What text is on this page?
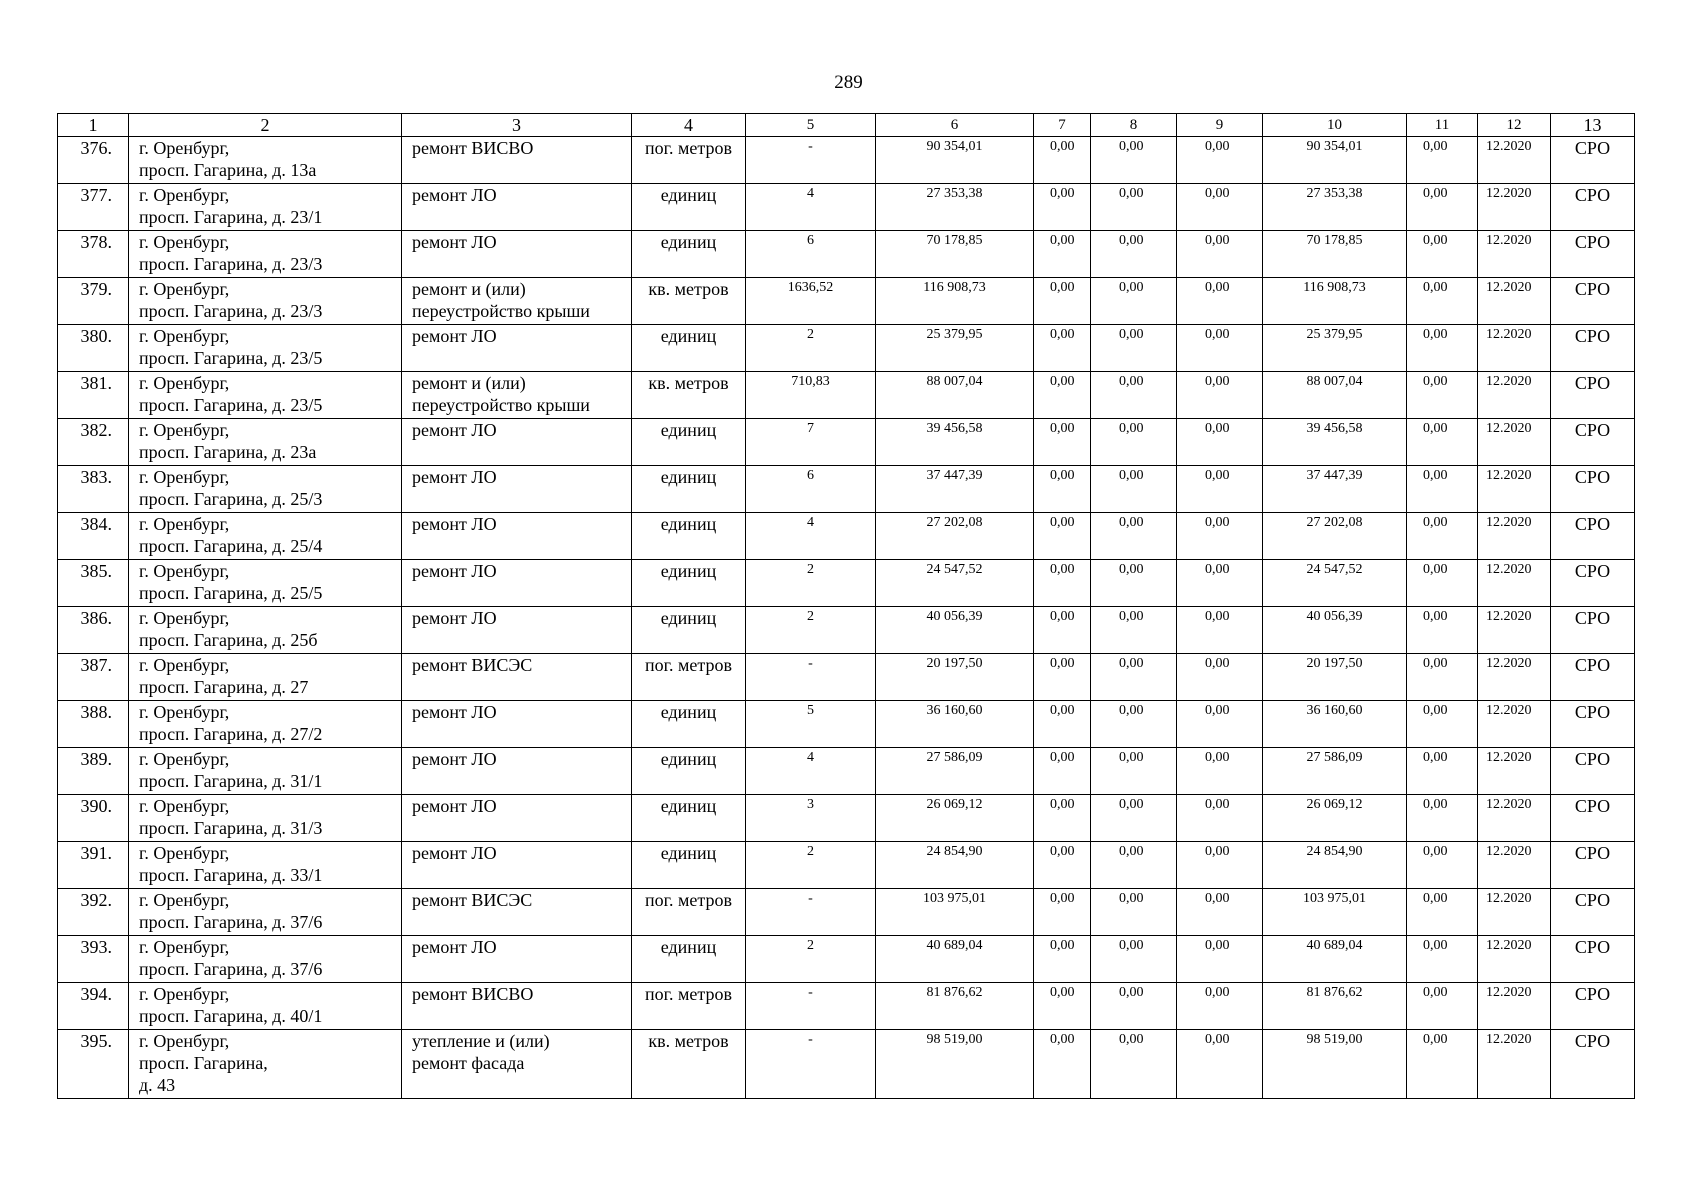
289
1	2	3	4	5	6	7	8	9	10	11	12	13
376.	г. Оренбург,
просп. Гагарина, д. 13а	ремонт ВИСВО	пог. метров	-	90 354,01	0,00	0,00	0,00	90 354,01	0,00	12.2020	СРО
377.	г. Оренбург,
просп. Гагарина, д. 23/1	ремонт ЛО	единиц	4	27 353,38	0,00	0,00	0,00	27 353,38	0,00	12.2020	СРО
378.	г. Оренбург,
просп. Гагарина, д. 23/3	ремонт ЛО	единиц	6	70 178,85	0,00	0,00	0,00	70 178,85	0,00	12.2020	СРО
379.	г. Оренбург,
просп. Гагарина, д. 23/3	ремонт и (или)
переустройство крыши	кв. метров	1636,52	116 908,73	0,00	0,00	0,00	116 908,73	0,00	12.2020	СРО
380.	г. Оренбург,
просп. Гагарина, д. 23/5	ремонт ЛО	единиц	2	25 379,95	0,00	0,00	0,00	25 379,95	0,00	12.2020	СРО
381.	г. Оренбург,
просп. Гагарина, д. 23/5	ремонт и (или)
переустройство крыши	кв. метров	710,83	88 007,04	0,00	0,00	0,00	88 007,04	0,00	12.2020	СРО
382.	г. Оренбург,
просп. Гагарина, д. 23а	ремонт ЛО	единиц	7	39 456,58	0,00	0,00	0,00	39 456,58	0,00	12.2020	СРО
383.	г. Оренбург,
просп. Гагарина, д. 25/3	ремонт ЛО	единиц	6	37 447,39	0,00	0,00	0,00	37 447,39	0,00	12.2020	СРО
384.	г. Оренбург,
просп. Гагарина, д. 25/4	ремонт ЛО	единиц	4	27 202,08	0,00	0,00	0,00	27 202,08	0,00	12.2020	СРО
385.	г. Оренбург,
просп. Гагарина, д. 25/5	ремонт ЛО	единиц	2	24 547,52	0,00	0,00	0,00	24 547,52	0,00	12.2020	СРО
386.	г. Оренбург,
просп. Гагарина, д. 25б	ремонт ЛО	единиц	2	40 056,39	0,00	0,00	0,00	40 056,39	0,00	12.2020	СРО
387.	г. Оренбург,
просп. Гагарина, д. 27	ремонт ВИСЭС	пог. метров	-	20 197,50	0,00	0,00	0,00	20 197,50	0,00	12.2020	СРО
388.	г. Оренбург,
просп. Гагарина, д. 27/2	ремонт ЛО	единиц	5	36 160,60	0,00	0,00	0,00	36 160,60	0,00	12.2020	СРО
389.	г. Оренбург,
просп. Гагарина, д. 31/1	ремонт ЛО	единиц	4	27 586,09	0,00	0,00	0,00	27 586,09	0,00	12.2020	СРО
390.	г. Оренбург,
просп. Гагарина, д. 31/3	ремонт ЛО	единиц	3	26 069,12	0,00	0,00	0,00	26 069,12	0,00	12.2020	СРО
391.	г. Оренбург,
просп. Гагарина, д. 33/1	ремонт ЛО	единиц	2	24 854,90	0,00	0,00	0,00	24 854,90	0,00	12.2020	СРО
392.	г. Оренбург,
просп. Гагарина, д. 37/6	ремонт ВИСЭС	пог. метров	-	103 975,01	0,00	0,00	0,00	103 975,01	0,00	12.2020	СРО
393.	г. Оренбург,
просп. Гагарина, д. 37/6	ремонт ЛО	единиц	2	40 689,04	0,00	0,00	0,00	40 689,04	0,00	12.2020	СРО
394.	г. Оренбург,
просп. Гагарина, д. 40/1	ремонт ВИСВО	пог. метров	-	81 876,62	0,00	0,00	0,00	81 876,62	0,00	12.2020	СРО
395.	г. Оренбург,
просп. Гагарина,
д. 43	утепление и (или)
ремонт фасада	кв. метров	-	98 519,00	0,00	0,00	0,00	98 519,00	0,00	12.2020	СРО
